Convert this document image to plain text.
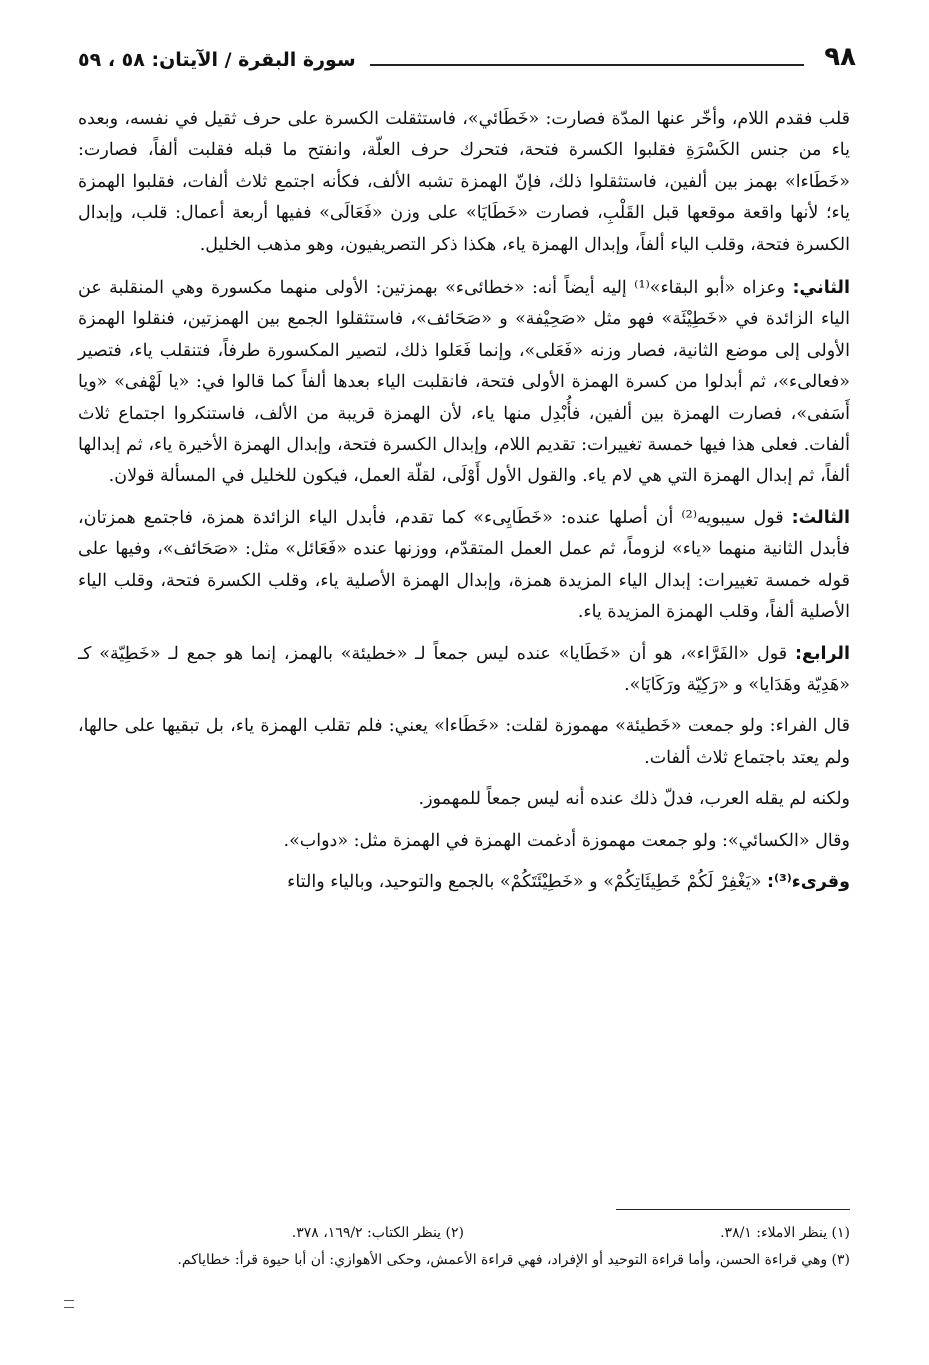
٩٨
سورة البقرة / الآيتان: ٥٨ ، ٥٩

قلب فقدم اللام، وأخّر عنها المدّة فصارت: «خَطَائي»، فاستثقلت الكسرة على حرف ثقيل في نفسه، وبعده ياء من جنس الكَسْرَةِ فقلبوا الكسرة فتحة، فتحرك حرف العلّة، وانفتح ما قبله فقلبت ألفاً، فصارت: «خَطَاءا» بهمز بين ألفين، فاستثقلوا ذلك، فإنّ الهمزة تشبه الألف، فكأنه اجتمع ثلاث ألفات، فقلبوا الهمزة ياء؛ لأنها واقعة موقعها قبل القَلْبِ، فصارت «خَطَايَا» على وزن «فَعَالَى» ففيها أربعة أعمال: قلب، وإبدال الكسرة فتحة، وقلب الياء ألفاً، وإبدال الهمزة ياء، هكذا ذكر التصريفيون، وهو مذهب الخليل.

الثاني: وعزاه «أبو البقاء»⁽¹⁾ إليه أيضاً أنه: «خطائىء» بهمزتين: الأولى منهما مكسورة وهي المنقلبة عن الياء الزائدة في «خَطِيْئَة» فهو مثل «صَحِيْفة» و «صَحَائف»، فاستثقلوا الجمع بين الهمزتين، فنقلوا الهمزة الأولى إلى موضع الثانية، فصار وزنه «فَعَلى»، وإنما فَعَلوا ذلك، لتصير المكسورة طرفاً، فتنقلب ياء، فتصير «فعالىء»، ثم أبدلوا من كسرة الهمزة الأولى فتحة، فانقلبت الياء بعدها ألفاً كما قالوا في: «يا لَهْفى» «ويا أَسَفى»، فصارت الهمزة بين ألفين، فأُبْدِل منها ياء، لأن الهمزة قريبة من الألف، فاستنكروا اجتماع ثلاث ألفات. فعلى هذا فيها خمسة تغييرات: تقديم اللام، وإبدال الكسرة فتحة، وإبدال الهمزة الأخيرة ياء، ثم إبدالها ألفاً، ثم إبدال الهمزة التي هي لام ياء. والقول الأول أَوْلَى، لقلّة العمل، فيكون للخليل في المسألة قولان.

الثالث: قول سيبويه⁽²⁾ أن أصلها عنده: «خَطَايِىء» كما تقدم، فأبدل الياء الزائدة همزة، فاجتمع همزتان، فأبدل الثانية منهما «ياء» لزوماً، ثم عمل العمل المتقدّم، ووزنها عنده «فَعَائل» مثل: «صَحَائف»، وفيها على قوله خمسة تغييرات: إبدال الياء المزيدة همزة، وإبدال الهمزة الأصلية ياء، وقلب الكسرة فتحة، وقلب الياء الأصلية ألفاً، وقلب الهمزة المزيدة ياء.

الرابع: قول «الفَرَّاء»، هو أن «خَطَايا» عنده ليس جمعاً لـ «خطيئة» بالهمز، إنما هو جمع لـ «خَطِيّة» كـ «هَدِيّة وهَدَايا» و «رَكِيّة ورَكَايَا».

قال الفراء: ولو جمعت «خَطيئة» مهموزة لقلت: «خَطَاءا» يعني: فلم تقلب الهمزة ياء، بل تبقيها على حالها، ولم يعتد باجتماع ثلاث ألفات.

ولكنه لم يقله العرب، فدلّ ذلك عنده أنه ليس جمعاً للمهموز.

وقال «الكسائي»: ولو جمعت مهموزة أدغمت الهمزة في الهمزة مثل: «دواب».

وقرىء⁽³⁾: «يَغْفِرْ لَكُمْ خَطِيئَاتِكُمْ» و «خَطِيْئَتَكُمْ» بالجمع والتوحيد، وبالياء والتاء

(١) ينظر الاملاء: ٣٨/١.
(٢) ينظر الكتاب: ١٦٩/٢، ٣٧٨.

(٣) وهي قراءة الحسن، وأما قراءة التوحيد أو الإفراد، فهي قراءة الأعمش، وحكى الأهوازي: أن أبا حيوة قرأ: خطاياكم.
